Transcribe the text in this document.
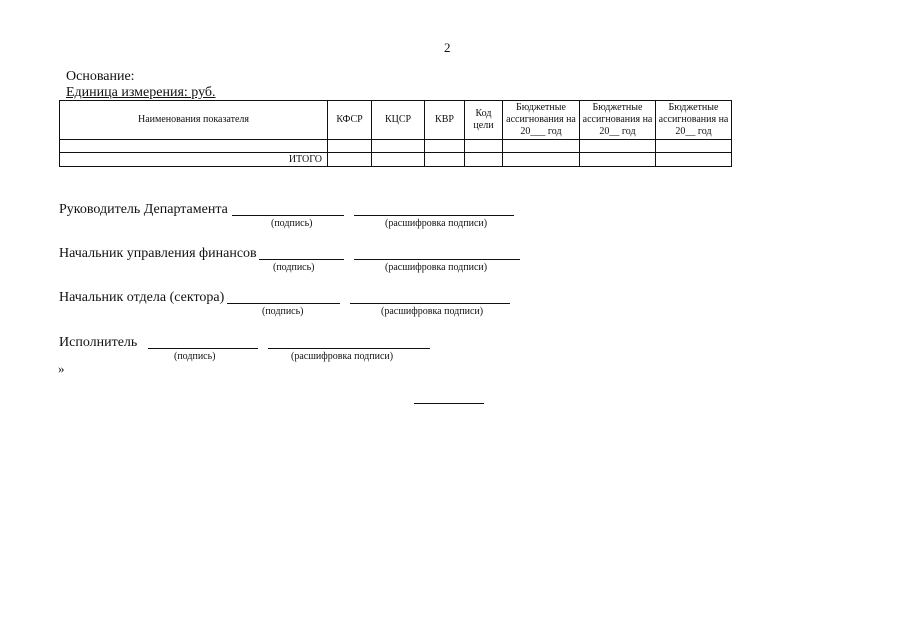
2
Основание:
Единица измерения: руб.
Наименования показателя	КФСР	КЦСР	КВР	Код цели	Бюджетные ассигнования на 20___ год	Бюджетные ассигнования на 20__ год	Бюджетные ассигнования на 20__ год

ИТОГО							
Руководитель Департамента
(подпись)	(расшифровка подписи)
Начальник управления финансов
(подпись)	(расшифровка подписи)
Начальник отдела (сектора)
(подпись)	(расшифровка подписи)
Исполнитель
(подпись)	(расшифровка подписи)
»
